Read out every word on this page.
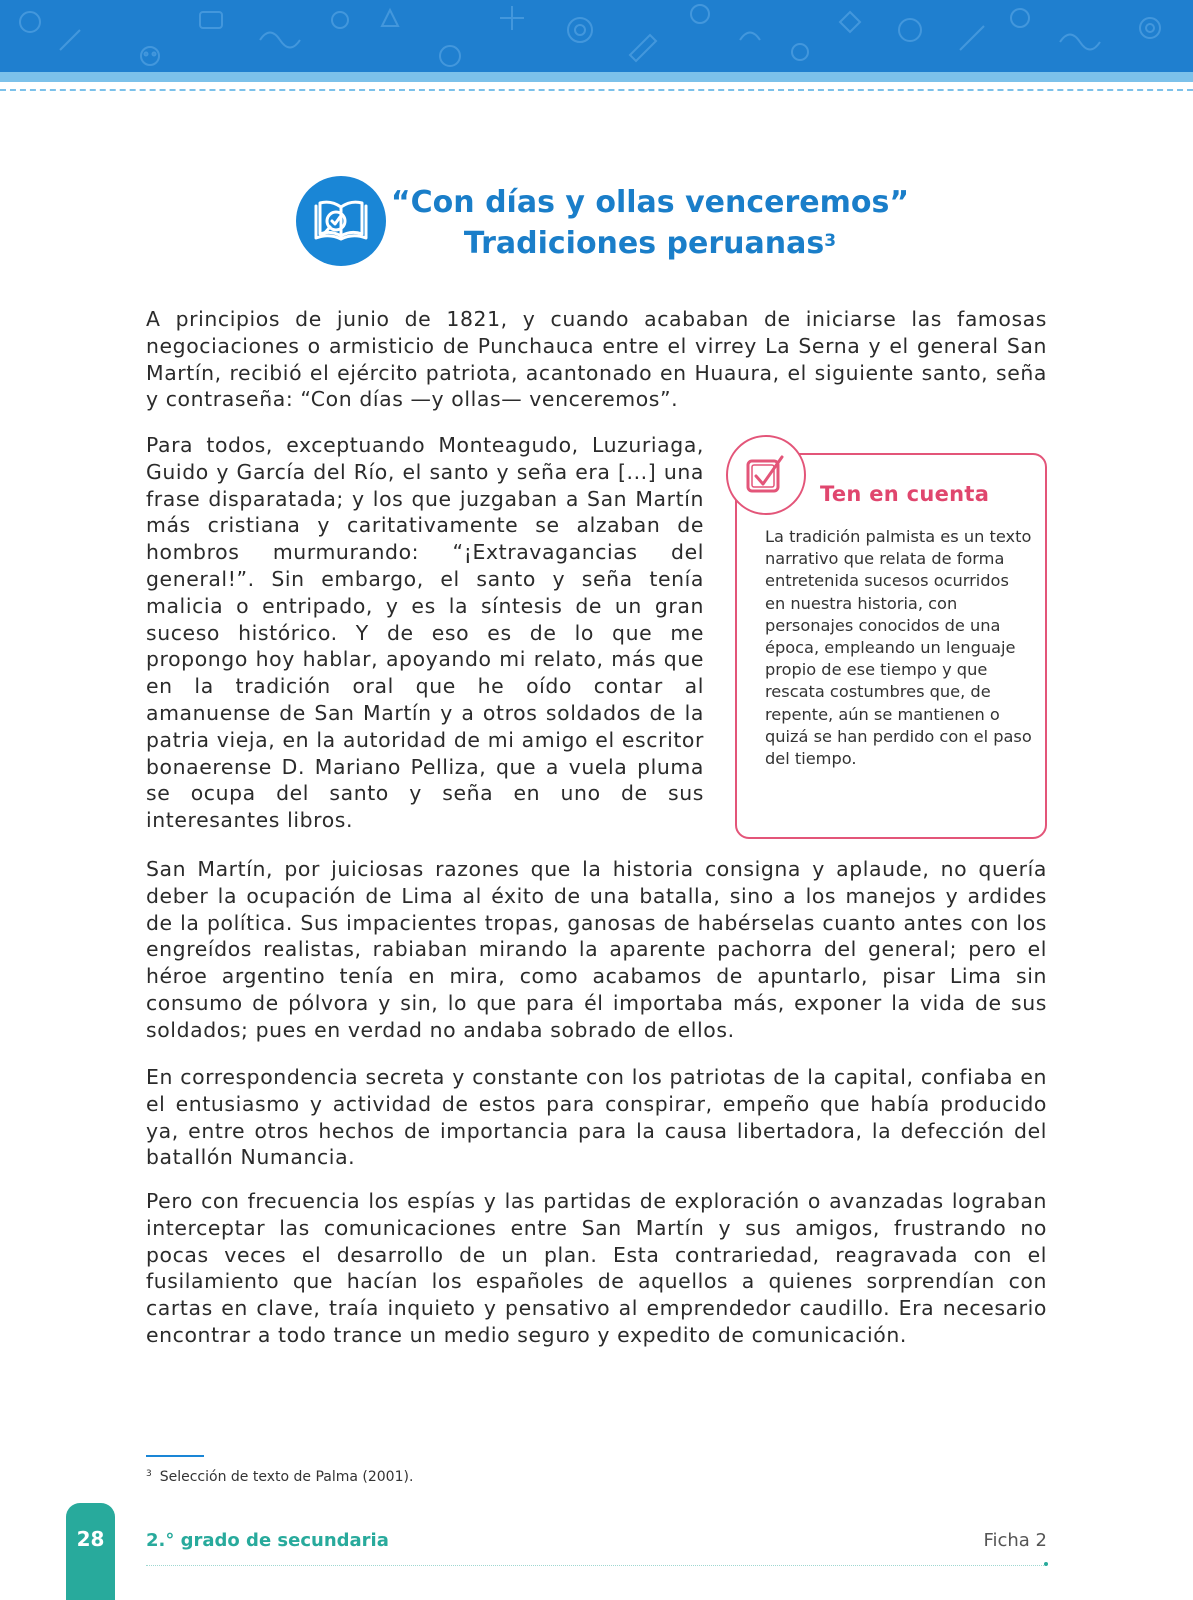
“Con días y ollas venceremos”
Tradiciones peruanas$^3$

A principios de junio de 1821, y cuando acababan de iniciarse las famosas negociaciones o armisticio de Punchauca entre el virrey La Serna y el general San Martín, recibió el ejército patriota, acantonado en Huaura, el siguiente santo, seña y contraseña: “Con días —y ollas— venceremos”.

Para todos, exceptuando Monteagudo, Luzuriaga, Guido y García del Río, el santo y seña era [...] una frase disparatada; y los que juzgaban a San Martín más cristiana y caritativamente se alzaban de hombros murmurando: “¡Extravagancias del general!”. Sin embargo, el santo y seña tenía malicia o entripado, y es la síntesis de un gran suceso histórico. Y de eso es de lo que me propongo hoy hablar, apoyando mi relato, más que en la tradición oral que he oído contar al amanuense de San Martín y a otros soldados de la patria vieja, en la autoridad de mi amigo el escritor bonaerense D. Mariano Pelliza, que a vuela pluma se ocupa del santo y seña en uno de sus interesantes libros.

Ten en cuenta
La tradición palmista es un texto narrativo que relata de forma entretenida sucesos ocurridos en nuestra historia, con personajes conocidos de una época, empleando un lenguaje propio de ese tiempo y que rescata costumbres que, de repente, aún se mantienen o quizá se han perdido con el paso del tiempo.

San Martín, por juiciosas razones que la historia consigna y aplaude, no quería deber la ocupación de Lima al éxito de una batalla, sino a los manejos y ardides de la política. Sus impacientes tropas, ganosas de habérselas cuanto antes con los engreídos realistas, rabiaban mirando la aparente pachorra del general; pero el héroe argentino tenía en mira, como acabamos de apuntarlo, pisar Lima sin consumo de pólvora y sin, lo que para él importaba más, exponer la vida de sus soldados; pues en verdad no andaba sobrado de ellos.

En correspondencia secreta y constante con los patriotas de la capital, confiaba en el entusiasmo y actividad de estos para conspirar, empeño que había producido ya, entre otros hechos de importancia para la causa libertadora, la defección del batallón Numancia.

Pero con frecuencia los espías y las partidas de exploración o avanzadas lograban interceptar las comunicaciones entre San Martín y sus amigos, frustrando no pocas veces el desarrollo de un plan. Esta contrariedad, reagravada con el fusilamiento que hacían los españoles de aquellos a quienes sorprendían con cartas en clave, traía inquieto y pensativo al emprendedor caudillo. Era necesario encontrar a todo trance un medio seguro y expedito de comunicación.

$^3$ Selección de texto de Palma (2001).
28	2.° grado de secundaria	Ficha 2
